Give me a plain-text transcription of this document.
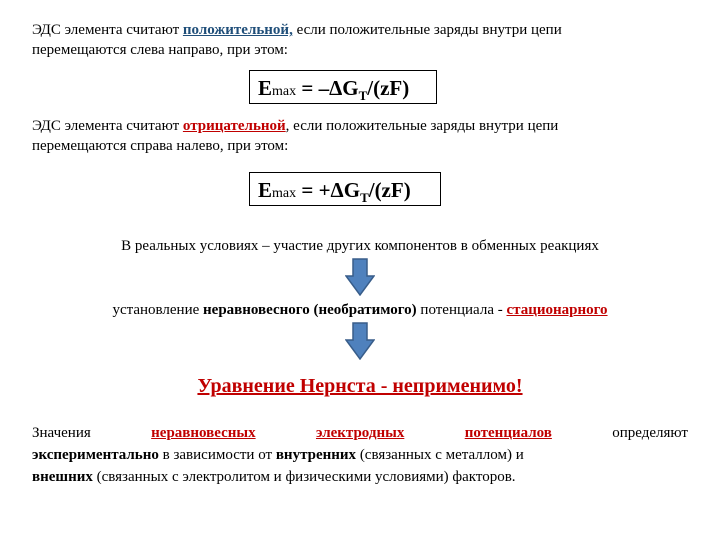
ЭДС элемента считают положительной, если положительные заряды внутри цепи
перемещаются слева направо, при этом:
$Emax = -\Delta G_T/(zF)$
ЭДС элемента считают отрицательной, если положительные заряды внутри цепи
перемещаются справа налево, при этом:
$Emax = +\Delta G_T/(zF)$
В реальных условиях – участие других компонентов в обменных реакциях
установление неравновесного (необратимого) потенциала - стационарного
Уравнение Нернста - неприменимо!
Значения	неравновесных	электродных	потенциалов	определяют
экспериментально в зависимости от внутренних (связанных с металлом) и
внешних (связанных с электролитом и физическими условиями) факторов.
